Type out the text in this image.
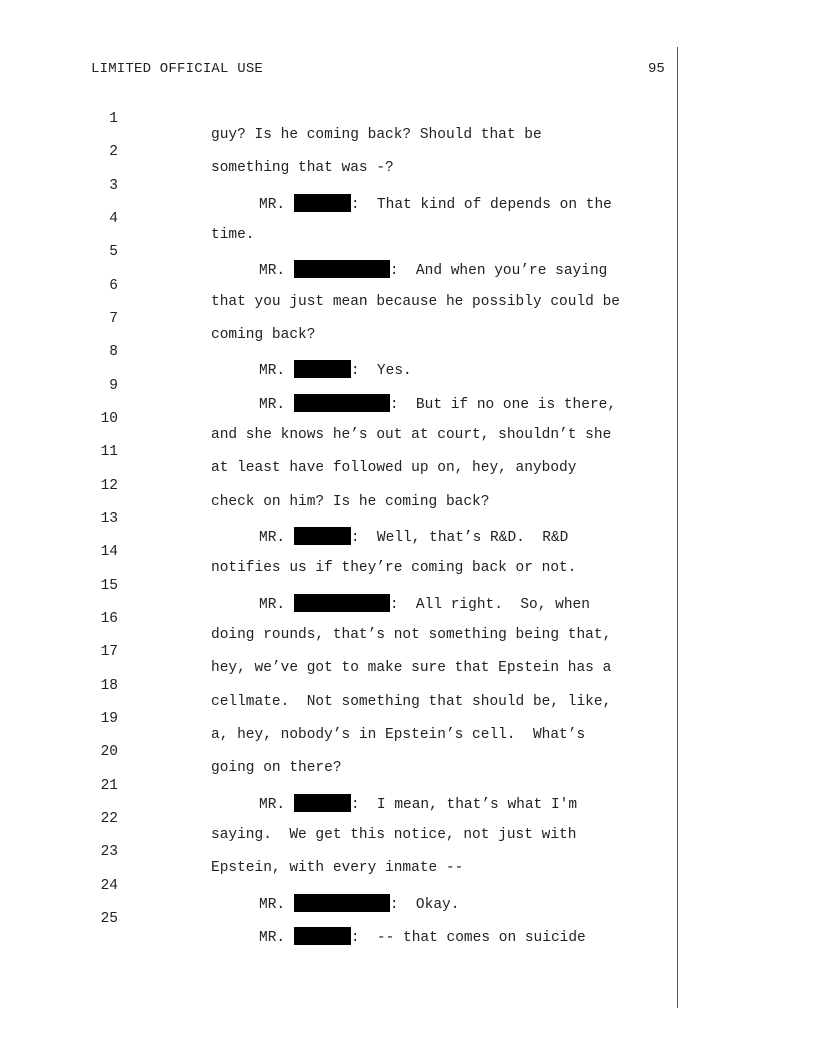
LIMITED OFFICIAL USE	95

1

guy? Is he coming back? Should that be

2

something that was -?

3

MR.	:  That kind of depends on the

4

time.

5

MR.	:  And when you’re saying

6

that you just mean because he possibly could be

7

coming back?

8

MR.	:  Yes.

9

MR.	:  But if no one is there,

10

and she knows he’s out at court, shouldn’t she

11

at least have followed up on, hey, anybody

12

check on him? Is he coming back?

13

MR.	:  Well, that’s R&D.  R&D

14

notifies us if they’re coming back or not.

15

MR.	:  All right.  So, when

16

doing rounds, that’s not something being that,

17

hey, we’ve got to make sure that Epstein has a

18

cellmate.  Not something that should be, like,

19

a, hey, nobody’s in Epstein’s cell.  What’s

20

going on there?

21

MR.	:  I mean, that’s what I'm

22

saying.  We get this notice, not just with

23

Epstein, with every inmate --

24

MR.	:  Okay.

25

MR.	:  -- that comes on suicide
